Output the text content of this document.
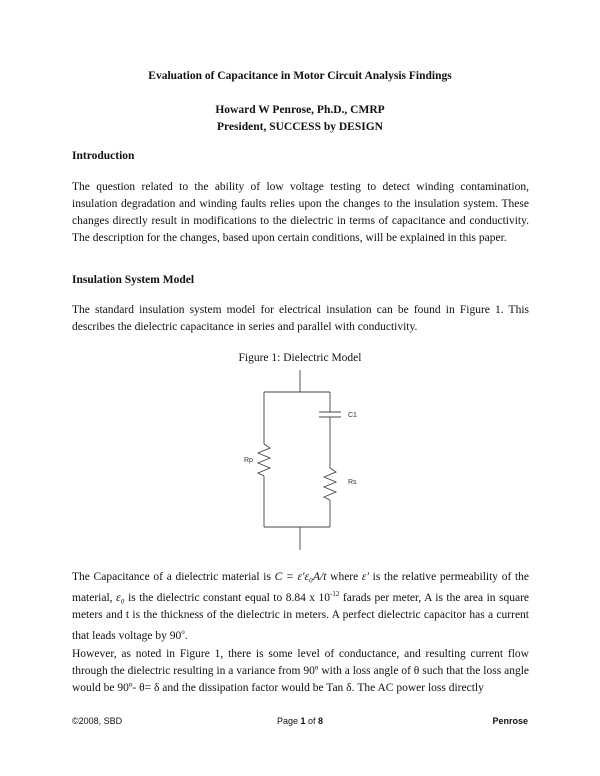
Evaluation of Capacitance in Motor Circuit Analysis Findings
Howard W Penrose, Ph.D., CMRP
President, SUCCESS by DESIGN
Introduction
The question related to the ability of low voltage testing to detect winding contamination, insulation degradation and winding faults relies upon the changes to the insulation system. These changes directly result in modifications to the dielectric in terms of capacitance and conductivity. The description for the changes, based upon certain conditions, will be explained in this paper.
Insulation System Model
The standard insulation system model for electrical insulation can be found in Figure 1. This describes the dielectric capacitance in series and parallel with conductivity.
Figure 1: Dielectric Model
C1
Rp
Rs
The Capacitance of a dielectric material is C = ε′ε₀A/t where ε′ is the relative permeability of the material, ε₀ is the dielectric constant equal to 8.84 x $10^{-12}$ farads per meter, A is the area in square meters and t is the thickness of the dielectric in meters. A perfect dielectric capacitor has a current that leads voltage by 90$^o$.
However, as noted in Figure 1, there is some level of conductance, and resulting current flow through the dielectric resulting in a variance from 90º with a loss angle of θ such that the loss angle would be 90º- θ= δ and the dissipation factor would be Tan δ. The AC power loss directly
©2008, SBD	Page 1 of 8	Penrose
